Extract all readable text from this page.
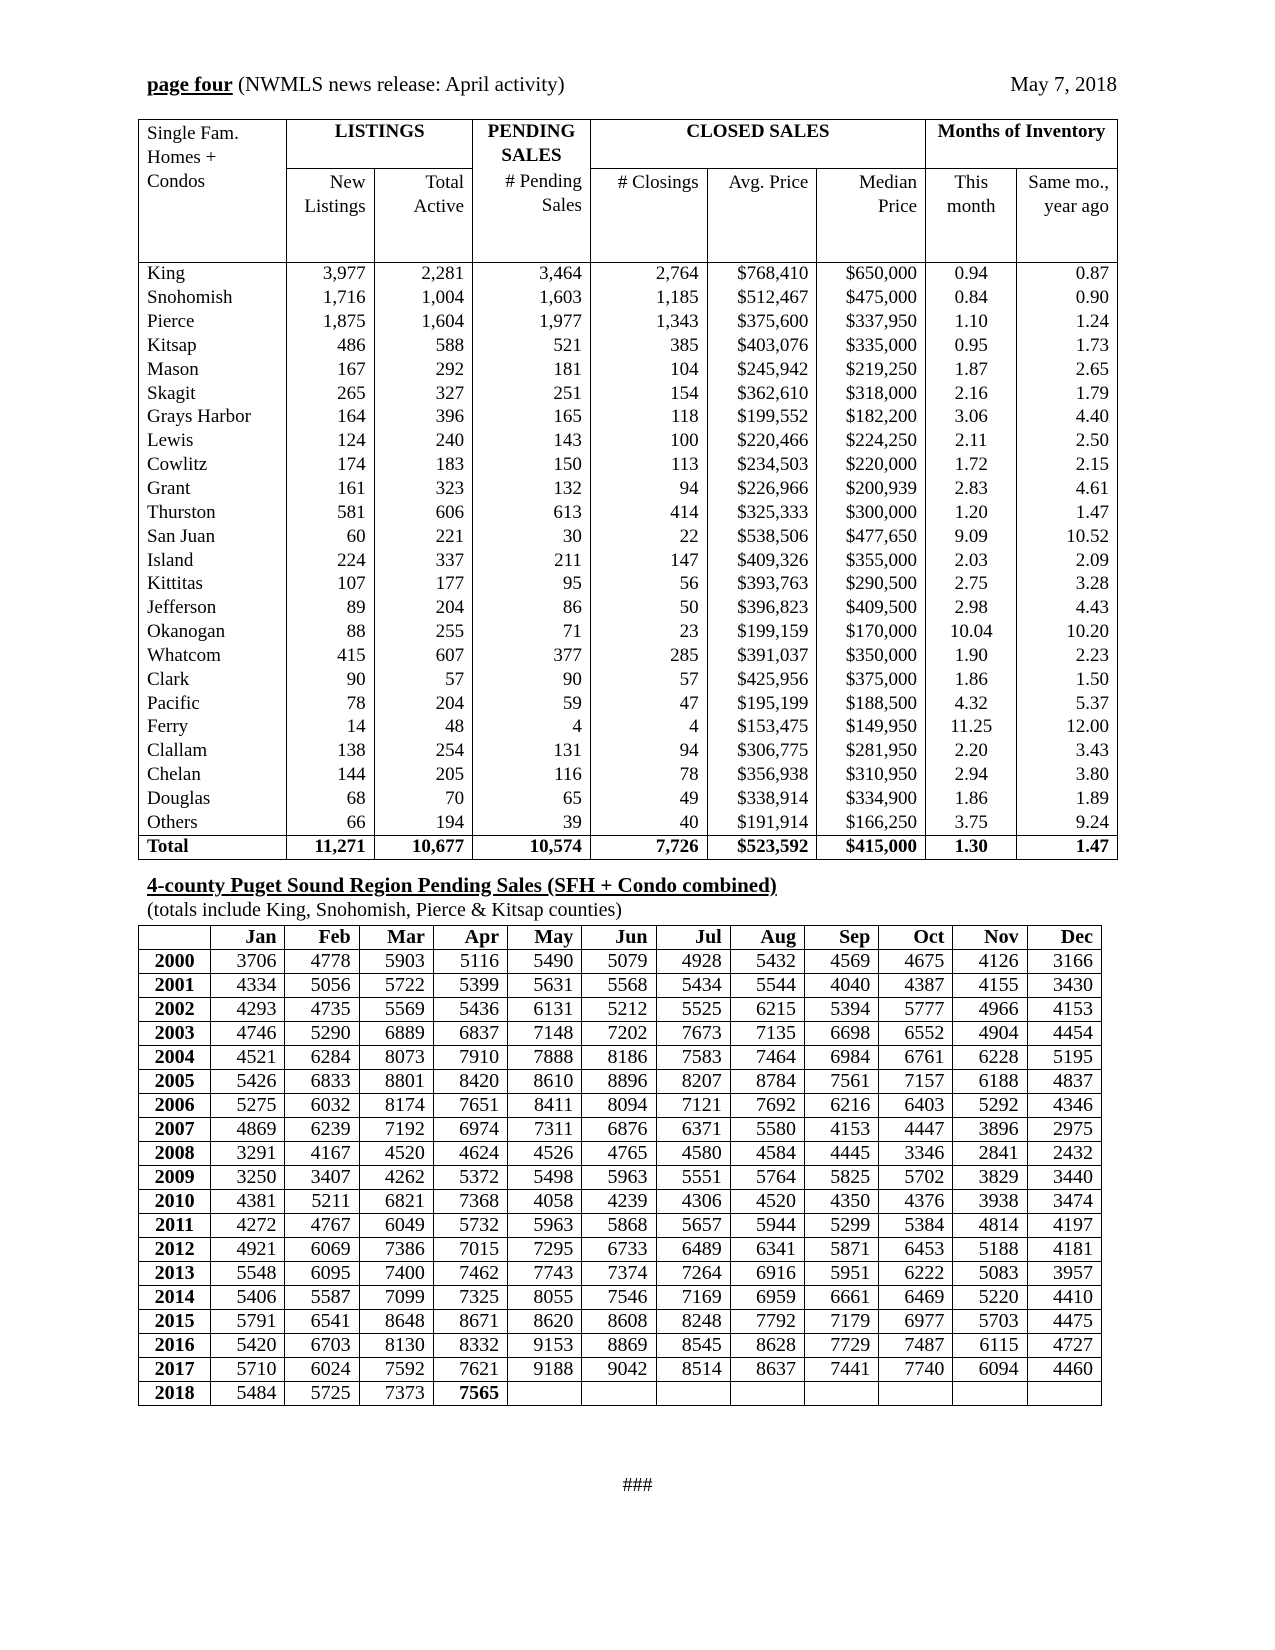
page four (NWMLS news release: April activity)	May 7, 2018
Single Fam. Homes + Condos	LISTINGS		PENDING SALES	CLOSED SALES			Months of Inventory	
	New Listings	Total Active	# Pending Sales	# Closings	Avg. Price	Median Price	This month	Same mo., year ago
King	3,977	2,281	3,464	2,764	$768,410	$650,000	0.94	0.87
Snohomish	1,716	1,004	1,603	1,185	$512,467	$475,000	0.84	0.90
Pierce	1,875	1,604	1,977	1,343	$375,600	$337,950	1.10	1.24
Kitsap	486	588	521	385	$403,076	$335,000	0.95	1.73
Mason	167	292	181	104	$245,942	$219,250	1.87	2.65
Skagit	265	327	251	154	$362,610	$318,000	2.16	1.79
Grays Harbor	164	396	165	118	$199,552	$182,200	3.06	4.40
Lewis	124	240	143	100	$220,466	$224,250	2.11	2.50
Cowlitz	174	183	150	113	$234,503	$220,000	1.72	2.15
Grant	161	323	132	94	$226,966	$200,939	2.83	4.61
Thurston	581	606	613	414	$325,333	$300,000	1.20	1.47
San Juan	60	221	30	22	$538,506	$477,650	9.09	10.52
Island	224	337	211	147	$409,326	$355,000	2.03	2.09
Kittitas	107	177	95	56	$393,763	$290,500	2.75	3.28
Jefferson	89	204	86	50	$396,823	$409,500	2.98	4.43
Okanogan	88	255	71	23	$199,159	$170,000	10.04	10.20
Whatcom	415	607	377	285	$391,037	$350,000	1.90	2.23
Clark	90	57	90	57	$425,956	$375,000	1.86	1.50
Pacific	78	204	59	47	$195,199	$188,500	4.32	5.37
Ferry	14	48	4	4	$153,475	$149,950	11.25	12.00
Clallam	138	254	131	94	$306,775	$281,950	2.20	3.43
Chelan	144	205	116	78	$356,938	$310,950	2.94	3.80
Douglas	68	70	65	49	$338,914	$334,900	1.86	1.89
Others	66	194	39	40	$191,914	$166,250	3.75	9.24
Total	11,271	10,677	10,574	7,726	$523,592	$415,000	1.30	1.47
4-county Puget Sound Region Pending Sales (SFH + Condo combined)
(totals include King, Snohomish, Pierce & Kitsap counties)
	Jan	Feb	Mar	Apr	May	Jun	Jul	Aug	Sep	Oct	Nov	Dec
2000	3706	4778	5903	5116	5490	5079	4928	5432	4569	4675	4126	3166
2001	4334	5056	5722	5399	5631	5568	5434	5544	4040	4387	4155	3430
2002	4293	4735	5569	5436	6131	5212	5525	6215	5394	5777	4966	4153
2003	4746	5290	6889	6837	7148	7202	7673	7135	6698	6552	4904	4454
2004	4521	6284	8073	7910	7888	8186	7583	7464	6984	6761	6228	5195
2005	5426	6833	8801	8420	8610	8896	8207	8784	7561	7157	6188	4837
2006	5275	6032	8174	7651	8411	8094	7121	7692	6216	6403	5292	4346
2007	4869	6239	7192	6974	7311	6876	6371	5580	4153	4447	3896	2975
2008	3291	4167	4520	4624	4526	4765	4580	4584	4445	3346	2841	2432
2009	3250	3407	4262	5372	5498	5963	5551	5764	5825	5702	3829	3440
2010	4381	5211	6821	7368	4058	4239	4306	4520	4350	4376	3938	3474
2011	4272	4767	6049	5732	5963	5868	5657	5944	5299	5384	4814	4197
2012	4921	6069	7386	7015	7295	6733	6489	6341	5871	6453	5188	4181
2013	5548	6095	7400	7462	7743	7374	7264	6916	5951	6222	5083	3957
2014	5406	5587	7099	7325	8055	7546	7169	6959	6661	6469	5220	4410
2015	5791	6541	8648	8671	8620	8608	8248	7792	7179	6977	5703	4475
2016	5420	6703	8130	8332	9153	8869	8545	8628	7729	7487	6115	4727
2017	5710	6024	7592	7621	9188	9042	8514	8637	7441	7740	6094	4460
2018	5484	5725	7373	7565								
###
